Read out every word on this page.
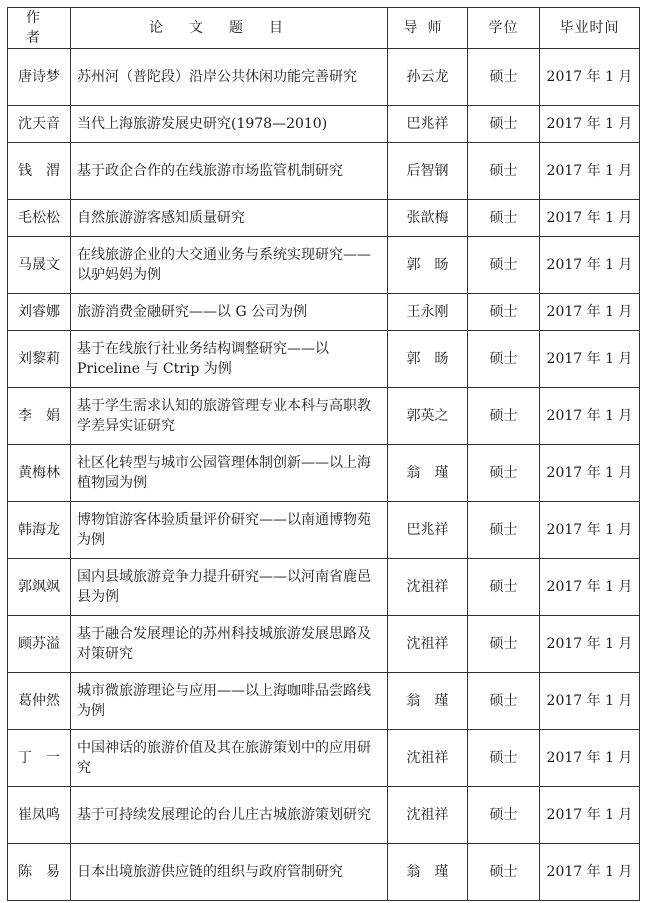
作者	论文题目	导师	学位	毕业时间
唐诗梦	苏州河（普陀段）沿岸公共休闲功能完善研究	孙云龙	硕士	2017 年 1 月
沈天音	当代上海旅游发展史研究(1978—2010)	巴兆祥	硕士	2017 年 1 月
钱　渭	基于政企合作的在线旅游市场监管机制研究	后智钢	硕士	2017 年 1 月
毛松松	自然旅游游客感知质量研究	张歆梅	硕士	2017 年 1 月
马晟文	在线旅游企业的大交通业务与系统实现研究——以驴妈妈为例	郭　旸	硕士	2017 年 1 月
刘睿娜	旅游消费金融研究——以 G 公司为例	王永刚	硕士	2017 年 1 月
刘黎莉	基于在线旅行社业务结构调整研究——以 Priceline 与 Ctrip 为例	郭　旸	硕士	2017 年 1 月
李　娟	基于学生需求认知的旅游管理专业本科与高职教学差异实证研究	郭英之	硕士	2017 年 1 月
黄梅林	社区化转型与城市公园管理体制创新——以上海植物园为例	翁　瑾	硕士	2017 年 1 月
韩海龙	博物馆游客体验质量评价研究——以南通博物苑为例	巴兆祥	硕士	2017 年 1 月
郭飒飒	国内县域旅游竞争力提升研究——以河南省鹿邑县为例	沈祖祥	硕士	2017 年 1 月
顾苏溢	基于融合发展理论的苏州科技城旅游发展思路及对策研究	沈祖祥	硕士	2017 年 1 月
葛仲然	城市微旅游理论与应用——以上海咖啡品尝路线为例	翁　瑾	硕士	2017 年 1 月
丁　一	中国神话的旅游价值及其在旅游策划中的应用研究	沈祖祥	硕士	2017 年 1 月
崔凤鸣	基于可持续发展理论的台儿庄古城旅游策划研究	沈祖祥	硕士	2017 年 1 月
陈　易	日本出境旅游供应链的组织与政府管制研究	翁　瑾	硕士	2017 年 1 月
